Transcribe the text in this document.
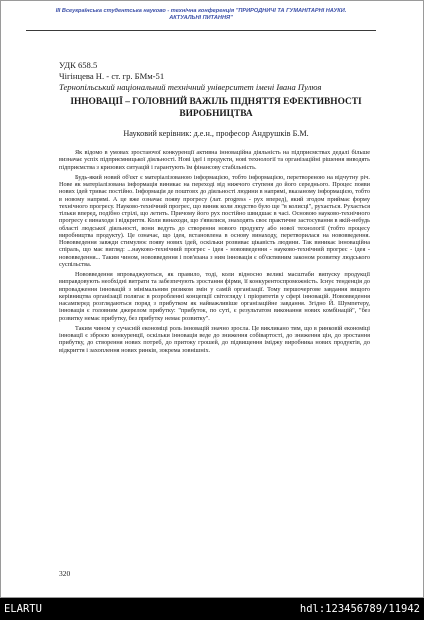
III Всеукраїнська студентська науково - технічна конференція "ПРИРОДНИЧІ ТА ГУМАНІТАРНІ НАУКИ.
АКТУАЛЬНІ ПИТАННЯ"
УДК 658.5
Чігінцева Н. - ст. гр. БМм-51
Тернопільський національний технічний університет імені Івана Пулюя
ІННОВАЦІЇ – ГОЛОВНИЙ ВАЖІЛЬ ПІДНЯТТЯ ЕФЕКТИВНОСТІ ВИРОБНИЦТВА
Науковий керівник: д.е.н., професор Андрушків Б.М.

Як відомо в умовах зростаючої конкуренції активна інноваційна діяльність на підприємствах дедалі більше визначає успіх підприємницької діяльності. Нові ідеї і продукти, нові технології та організаційні рішення виводять підприємства з кризових ситуацій і гарантують їм фінансову стабільність.

Будь-який новий об'єкт є матеріалізованою інформацією, тобто інформацією, перетвореною на відчутну річ. Нове як матеріалізована інформація виникає на переході від нижчого ступеня до його середнього. Процес появи нових ідей триває постійно. Інформація де поштовх до діяльності людини в напрямі, вказаному інформацією, тобто в новому напрямі. А це вже означає появу прогресу (лат. progress - рух вперед), який згодом приймає форму технічного прогресу. Науково-технічний прогрес, що виник коли людство було ще "в колисці", рухається. Рухається тільки вперед, подібно стрілі, що летить. Причому його рух постійно швидшає в часі. Основою науково-технічного прогресу є винаходи і відкриття. Коли винаходи, що з'явилися, знаходять своє практичне застосування в якій-небудь області людської діяльності, вони ведуть до створення нового продукту або нової технології (тобто процесу виробництва продукту). Це означає, що ідея, встановлена в основу винаходу, перетворилася на нововведення. Нововведення завжди стимулює появу нових ідей, оскільки розвиває цікавість людини. Так виникає інноваційна спіраль, що має вигляд: ...науково-технічний прогрес - ідея - нововведення - науково-технічний прогрес - ідея - нововведення... Таким чином, нововведення і пов'язана з ним інновація є об'єктивним законом розвитку людського суспільства.

Нововведення впроваджуються, як правило, тоді, коли відносно великі масштаби випуску продукції виправдовують необхідні витрати та забезпечують зростання фірми, її конкурентоспроможність. Існує тенденція до впровадження інновацій з мінімальним ризиком змін у самій організації. Тому першочергове завдання вищого керівництва організації полягає в розробленні концепції світогляду і пріоритетів у сфері інновацій. Нововведення насамперед розглядаються поряд з прибутком як найважливіше організаційне завдання. Згідно Й. Шумпетеру, інновація є головним джерелом прибутку: "прибуток, по суті, є результатом виконання нових комбінацій", "без розвитку немає прибутку, без прибутку немає розвитку".

Таким чином у сучасній економіці роль інновацій значно зросла. Це викликано тим, що в ринковій економіці інновації є зброєю конкуренції, оскільки інновація веде до зниження собівартості, до зниження цін, до зростання прибутку, до створення нових потреб, до притоку грошей, до підвищення іміджу виробника нових продуктів, до відкриття і захоплення нових ринків, зокрема зовнішніх.

320
ELARTU	hdl:123456789/11942
